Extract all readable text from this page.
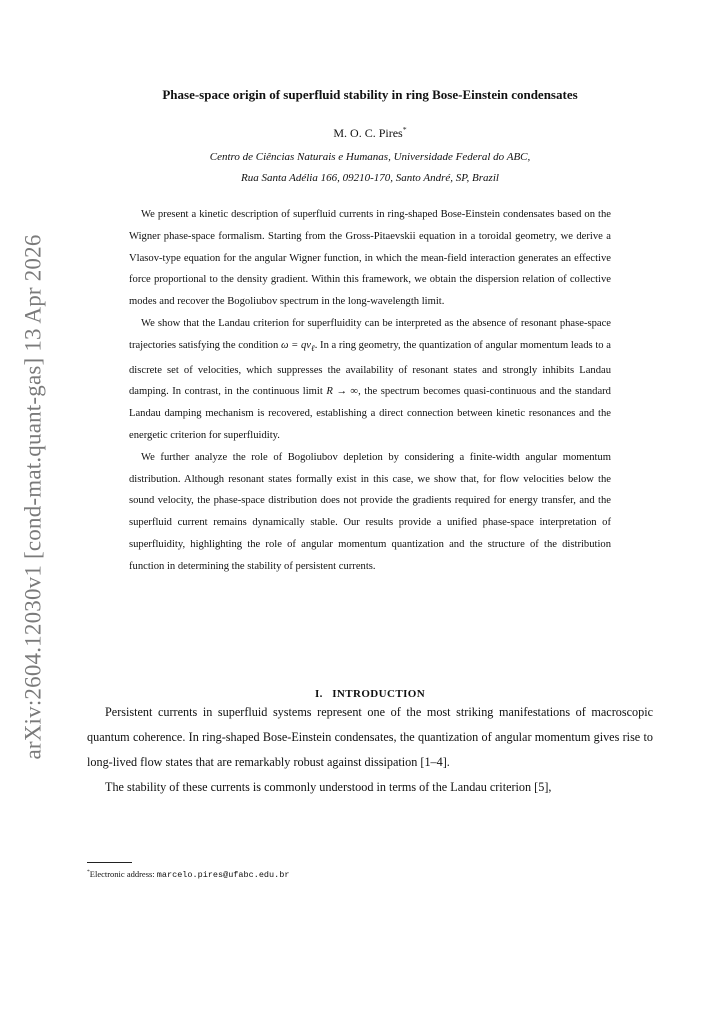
arXiv:2604.12030v1 [cond-mat.quant-gas] 13 Apr 2026
Phase-space origin of superfluid stability in ring Bose-Einstein condensates
M. O. C. Pires*
Centro de Ciências Naturais e Humanas, Universidade Federal do ABC,
Rua Santa Adélia 166, 09210-170, Santo André, SP, Brazil

We present a kinetic description of superfluid currents in ring-shaped Bose-Einstein condensates based on the Wigner phase-space formalism. Starting from the Gross-Pitaevskii equation in a toroidal geometry, we derive a Vlasov-type equation for the angular Wigner function, in which the mean-field interaction generates an effective force proportional to the density gradient. Within this framework, we obtain the dispersion relation of collective modes and recover the Bogoliubov spectrum in the long-wavelength limit.

We show that the Landau criterion for superfluidity can be interpreted as the absence of resonant phase-space trajectories satisfying the condition $\omega = qv_\ell$. In a ring geometry, the quantization of angular momentum leads to a discrete set of velocities, which suppresses the availability of resonant states and strongly inhibits Landau damping. In contrast, in the continuous limit R → ∞, the spectrum becomes quasi-continuous and the standard Landau damping mechanism is recovered, establishing a direct connection between kinetic resonances and the energetic criterion for superfluidity.

We further analyze the role of Bogoliubov depletion by considering a finite-width angular momentum distribution. Although resonant states formally exist in this case, we show that, for flow velocities below the sound velocity, the phase-space distribution does not provide the gradients required for energy transfer, and the superfluid current remains dynamically stable. Our results provide a unified phase-space interpretation of superfluidity, highlighting the role of angular momentum quantization and the structure of the distribution function in determining the stability of persistent currents.

I. INTRODUCTION

Persistent currents in superfluid systems represent one of the most striking manifestations of macroscopic quantum coherence. In ring-shaped Bose-Einstein condensates, the quantization of angular momentum gives rise to long-lived flow states that are remarkably robust against dissipation [1–4].

The stability of these currents is commonly understood in terms of the Landau criterion [5],

*Electronic address: marcelo.pires@ufabc.edu.br
